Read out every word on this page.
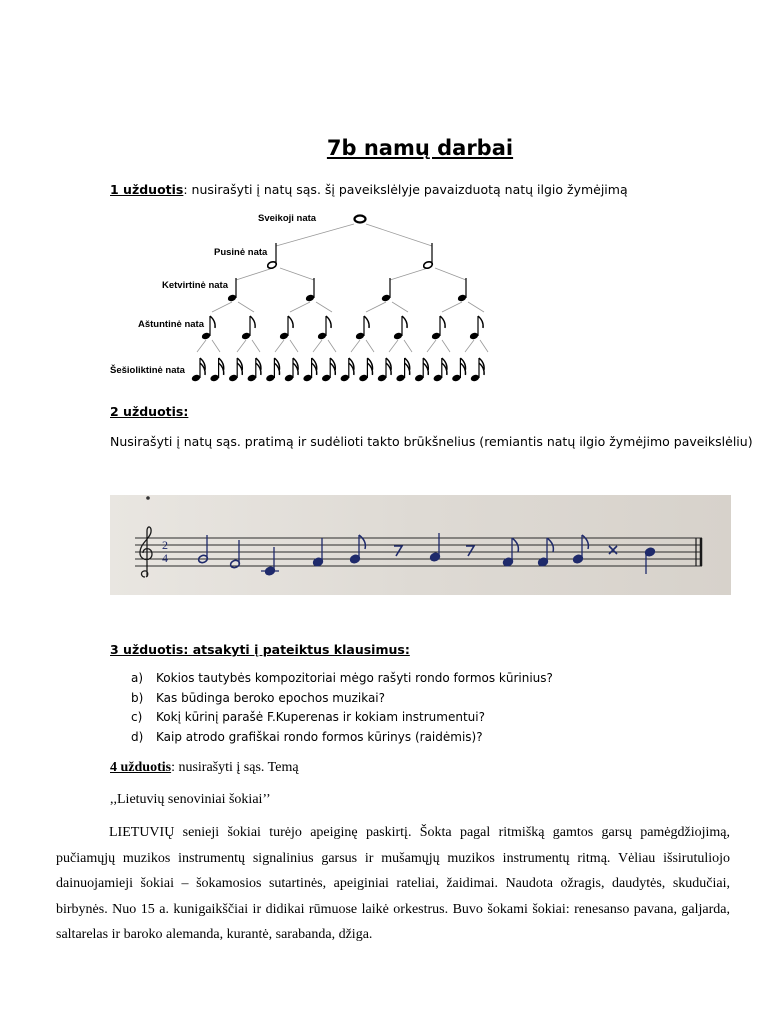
7b namų darbai
1 užduotis: nusirašyti į natų sąs. šį paveikslėlyje pavaizduotą natų ilgio žymėjimą
Sveikoji nata
Pusinė nata
Ketvirtinė nata
Aštuntinė nata
Šešioliktinė nata
2 užduotis:
Nusirašyti į natų sąs. pratimą ir sudėlioti takto brūkšnelius (remiantis natų ilgio žymėjimo paveikslėliu)
2
4
3 užduotis: atsakyti į pateiktus klausimus:
a)	Kokios tautybės kompozitoriai mėgo rašyti rondo formos kūrinius?
b)	Kas būdinga beroko epochos muzikai?
c)	Kokį kūrinį parašė F.Kuperenas ir kokiam instrumentui?
d)	Kaip atrodo grafiškai rondo formos kūrinys (raidėmis)?
4 užduotis: nusirašyti į sąs. Temą
,,Lietuvių senoviniai šokiai’’
LIETUVIŲ senieji šokiai turėjo apeiginę paskirtį. Šokta pagal ritmišką gamtos garsų pamėgdžiojimą, pučiamųjų muzikos instrumentų signalinius garsus ir mušamųjų muzikos instrumentų ritmą. Vėliau išsirutuliojo dainuojamieji šokiai – šokamosios sutartinės, apeiginiai rateliai, žaidimai. Naudota ožragis, daudytės, skudučiai, birbynės. Nuo 15 a. kunigaikščiai ir didikai rūmuose laikė orkestrus. Buvo šokami šokiai: renesanso pavana, galjarda, saltarelas ir baroko alemanda, kurantė, sarabanda, džiga.
